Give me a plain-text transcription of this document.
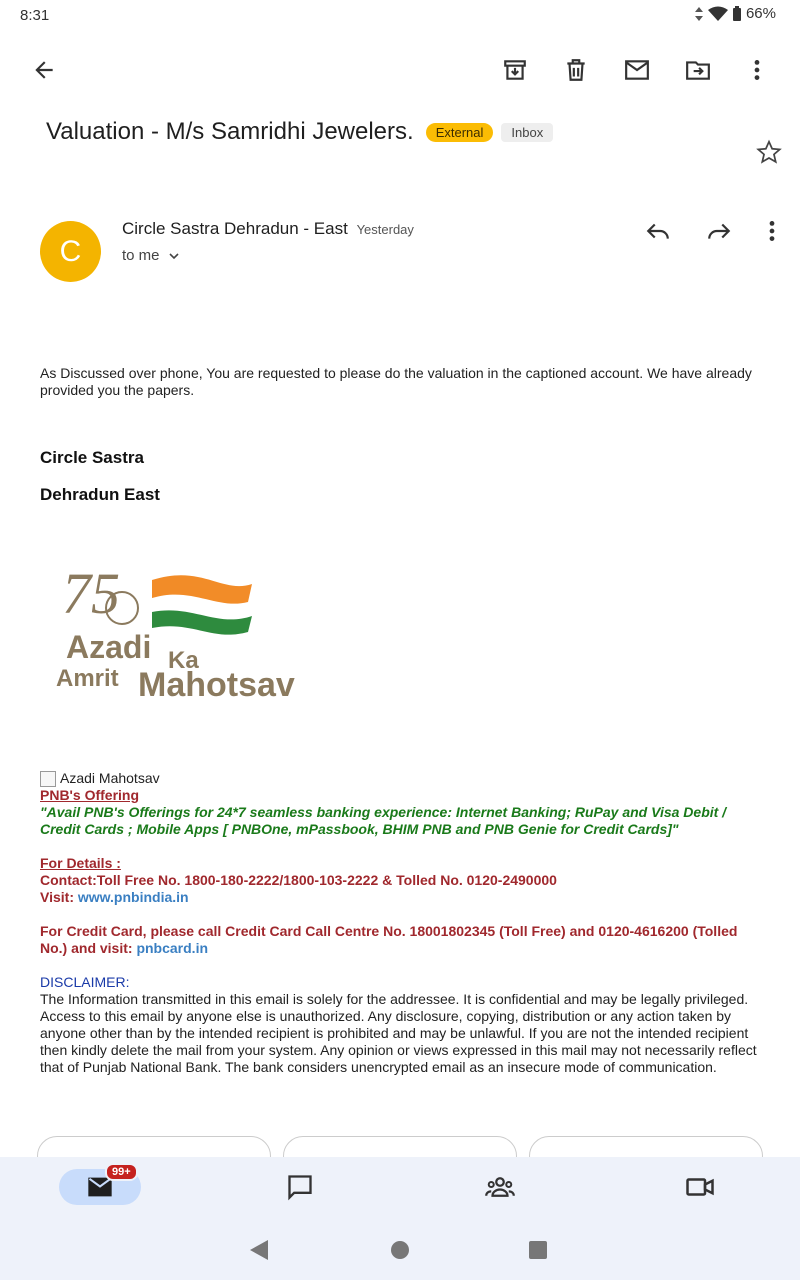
8:31	66%
Valuation - M/s Samridhi Jewelers.	External	Inbox
C
Circle Sastra Dehradun - East Yesterday
to me

As Discussed over phone, You are requested to please do the valuation in the captioned account. We have already provided you the papers.

Circle Sastra

Dehradun East

75
Azadi Ka
Amrit Mahotsav
Azadi Mahotsav
PNB's Offering
"Avail PNB's Offerings for 24*7 seamless banking experience: Internet Banking; RuPay and Visa Debit / Credit Cards ; Mobile Apps [ PNBOne, mPassbook, BHIM PNB and PNB Genie for Credit Cards]"
For Details :
Contact:Toll Free No. 1800-180-2222/1800-103-2222 & Tolled No. 0120-2490000
Visit: www.pnbindia.in
For Credit Card, please call Credit Card Call Centre No. 18001802345 (Toll Free) and 0120-4616200 (Tolled No.) and visit: pnbcard.in
DISCLAIMER:
The Information transmitted in this email is solely for the addressee. It is confidential and may be legally privileged. Access to this email by anyone else is unauthorized. Any disclosure, copying, distribution or any action taken by anyone other than by the intended recipient is prohibited and may be unlawful. If you are not the intended recipient then kindly delete the mail from your system. Any opinion or views expressed in this mail may not necessarily reflect that of Punjab National Bank. The bank considers unencrypted email as an insecure mode of communication.
99+
